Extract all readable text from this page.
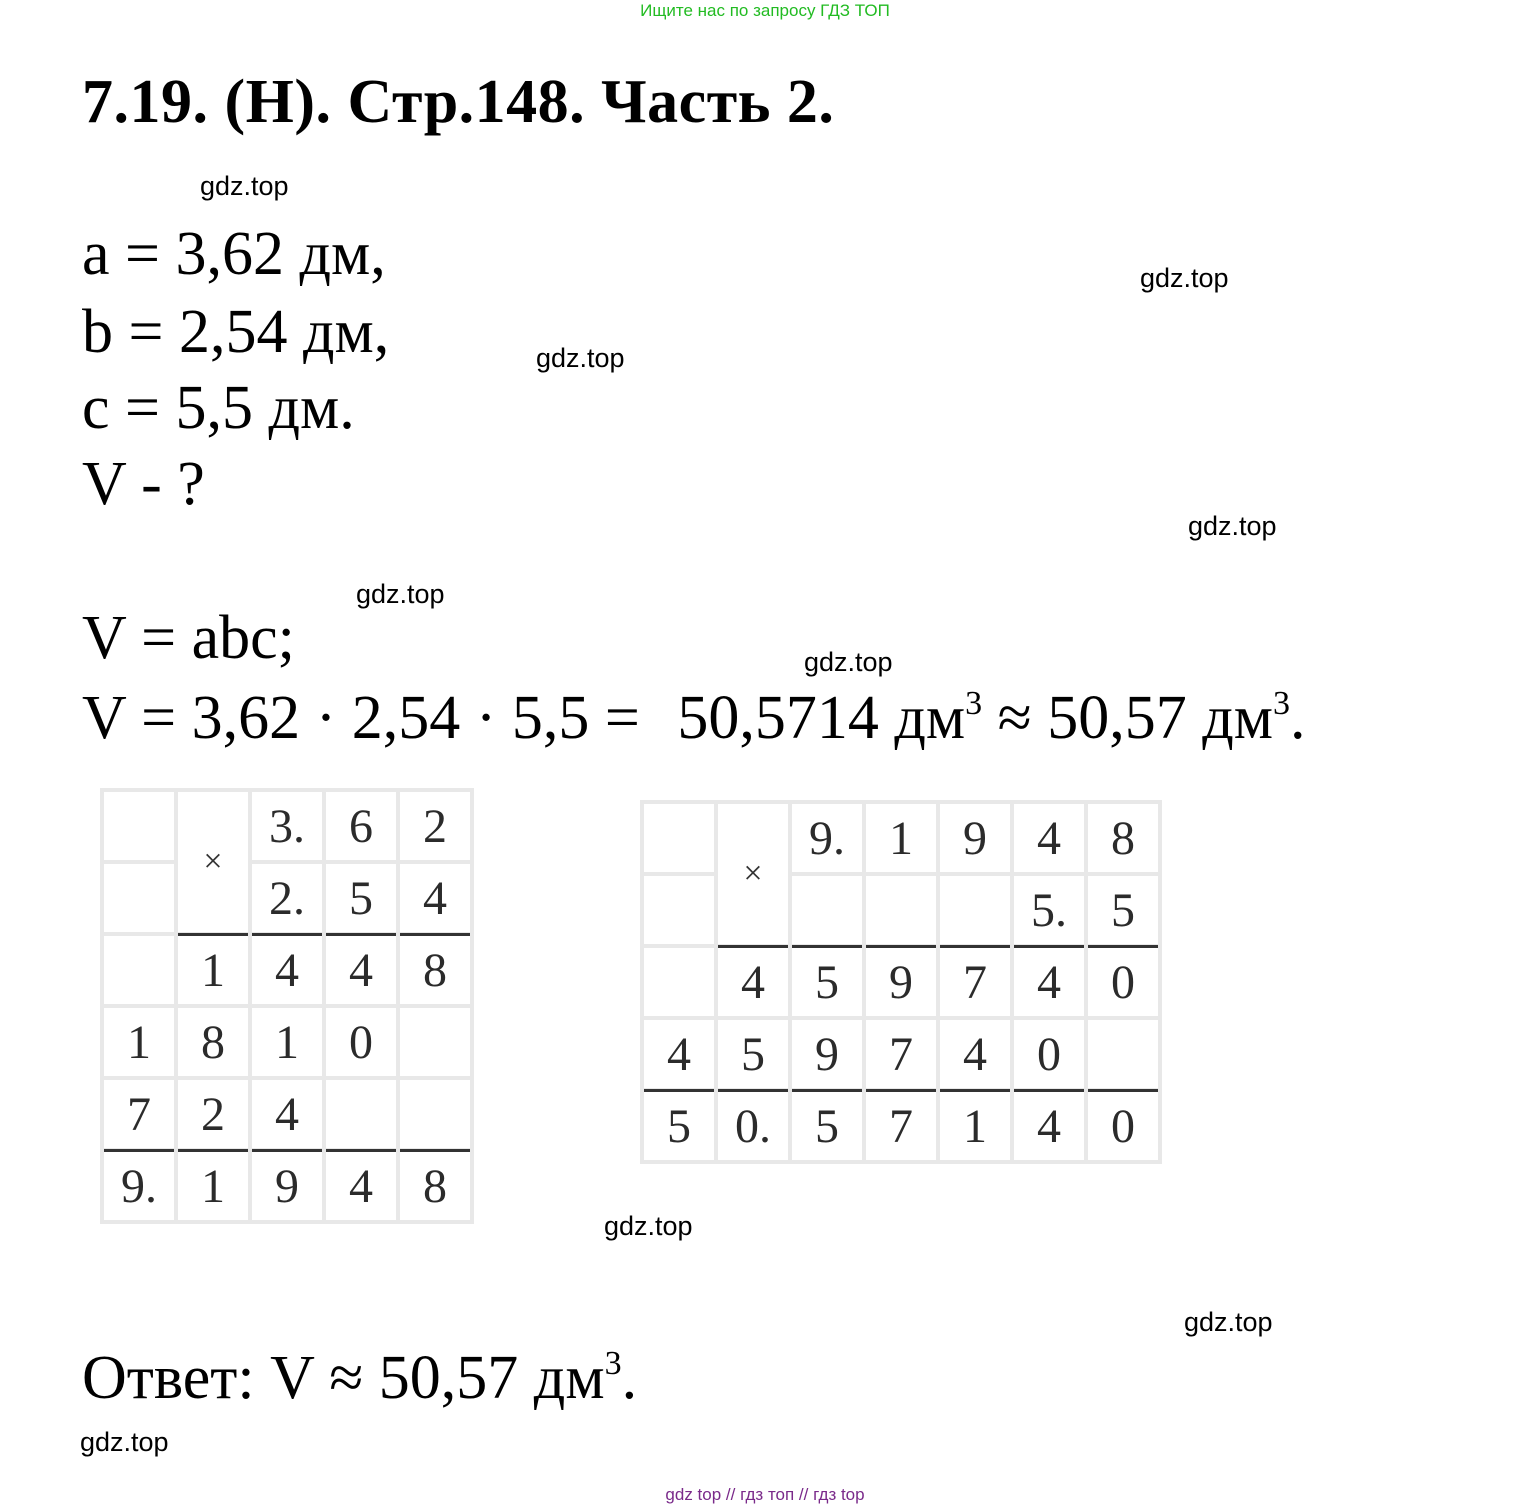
Ищите нас по запросу ГДЗ ТОП
7.19. (Н). Стр.148. Часть 2.
a = 3,62 дм,
b = 2,54 дм,
c = 5,5 дм.
V - ?
V = abc;
V = 3,62 · 2,54 · 5,5 = 50,5714 $дм^3 \approx 50,57$ $дм^3$.
	×	3.	6	2
		2.	5	4
	1	4	4	8
1	8	1	0	
7	2	4		
9.	1	9	4	8
	×	9.	1	9	4	8
					5.	5
	4	5	9	7	4	0
4	5	9	7	4	0	
5	0.	5	7	1	4	0
Ответ: V ≈ 50,57 $дм^3$.
gdz.top
gdz.top
gdz.top
gdz.top
gdz.top
gdz.top
gdz.top
gdz.top
gdz.top
gdz top // гдз топ // гдз top
